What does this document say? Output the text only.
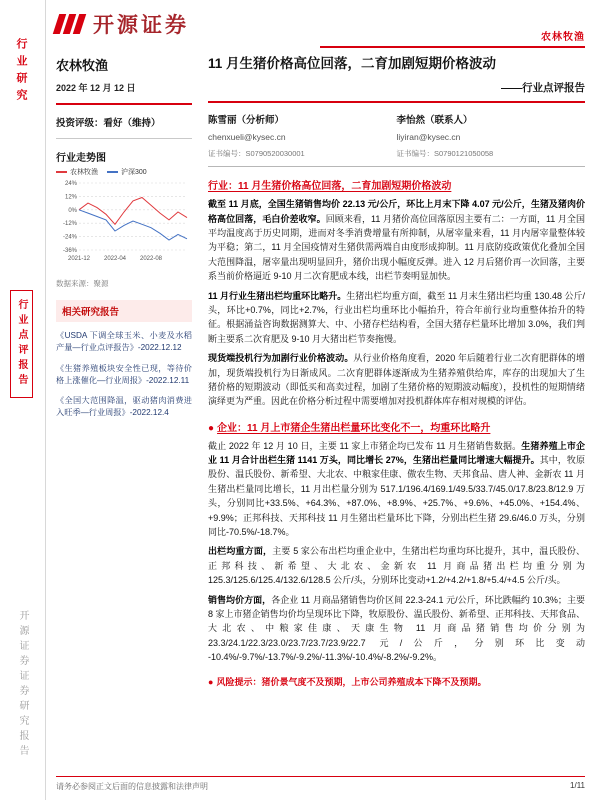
行业研究
行业点评报告
开源证券证券研究报告
开源证券
农林牧渔
农林牧渔
2022 年 12 月 12 日
投资评级：看好（维持）
行业走势图
农林牧渔	沪深300
24%
12%
0%
-12%
-24%
-36%
2021-12 2022-04 2022-08
数据来源：聚源
相关研究报告
《USDA 下调全球玉米、小麦及水稻产量—行业点评报告》-2022.12.12
《生猪养殖板块安全性已现，等待价格上涨催化—行业周报》-2022.12.11
《全国大范围降温，驱动猪肉消费进入旺季—行业周报》-2022.12.4
11 月生猪价格高位回落，二育加剧短期价格波动
——行业点评报告
陈雪丽（分析师）
chenxueli@kysec.cn
证书编号：S0790520030001
李怡然（联系人）
liyiran@kysec.cn
证书编号：S0790121050058
行业：11 月生猪价格高位回落，二育加剧短期价格波动

截至 11 月底，全国生猪销售均价 22.13 元/公斤，环比上月末下降 4.07 元/公斤，生猪及猪肉价格高位回落，毛白价差收窄。回顾来看，11 月猪价高位回落原因主要有二：一方面，11 月全国平均温度高于历史同期，进而对冬季消费增量有所抑制，从屠宰量来看，11 月内屠宰量整体较为平稳；第二，11 月全国疫情对生猪供需两端自由度形成抑制。11 月底防疫政策优化叠加全国大范围降温，屠宰量出现明显回升，猪价出现小幅度反弹。进入 12 月后猪价再一次回落，主要系当前价格逼近 9-10 月二次育肥成本线，出栏节奏明显加快。

11 月行业生猪出栏均重环比略升。生猪出栏均重方面，截至 11 月末生猪出栏均重 130.48 公斤/头，环比+0.7%，同比+2.7%，行业出栏均重环比小幅抬升，符合年前行业均重整体抬升的特征。根据涌益咨询数据测算大、中、小猪存栏结构看，全国大猪存栏量环比增加 3.0%，我们判断主要系二次育肥及 9-10 月大猪出栏节奏拖慢。

现货端投机行为加剧行业价格波动。从行业价格角度看，2020 年后随着行业二次育肥群体的增加，现货端投机行为日渐成风。二次育肥群体逐渐成为生猪养殖供给库，库存的出现加大了生猪价格的短期波动（即低买和高卖过程，加剧了生猪价格的短期波动幅度），投机性的短期情绪演绎更为严重。因此在价格分析过程中需要增加对投机群体库存相对规模的评估。

● 企业：11 月上市猪企生猪出栏量环比变化不一，均重环比略升

截止 2022 年 12 月 10 日，主要 11 家上市猪企均已发布 11 月生猪销售数据。生猪养殖上市企业 11 月合计出栏生猪 1141 万头，同比增长 27%，生猪出栏量同比增速大幅提升。其中，牧原股份、温氏股份、新希望、大北农、中粮家佳康、傲农生物、天邦食品、唐人神、金新农 11 月生猪出栏量同比增长，11 月出栏量分别为 517.1/196.4/169.1/49.5/33.7/45.0/17.8/23.8/12.9 万头，分别同比+33.5%、+64.3%、+87.0%、+8.9%、+25.7%、+9.6%、+45.0%、+154.4%、+9.9%；正邦科技、天邦科技 11 月生猪出栏量环比下降，分别出栏生猪 29.6/46.0 万头，分别同比-70.5%/-18.7%。

出栏均重方面，主要 5 家公布出栏均重企业中，生猪出栏均重均环比提升，其中，温氏股份、正邦科技、新希望、大北农、金新农 11 月商品猪出栏均重分别为 125.3/125.6/125.4/132.6/128.5 公斤/头，分别环比变动+1.2/+4.2/+1.8/+5.4/+4.5 公斤/头。

销售均价方面，各企业 11 月商品猪销售均价区间 22.3-24.1 元/公斤，环比跌幅约 10.3%；主要 8 家上市猪企销售均价均呈现环比下降，牧原股份、温氏股份、新希望、正邦科技、天邦食品、大北农、中粮家佳康、天康生物 11 月商品猪销售均价分别为 23.3/24.1/22.3/23.0/23.7/23.7/23.9/22.7 元/公斤，分别环比变动 -10.4%/-9.7%/-13.7%/-9.2%/-11.3%/-10.4%/-8.2%/-9.2%。

● 风险提示：猪价景气度不及预期，上市公司养殖成本下降不及预期。
请务必参阅正文后面的信息披露和法律声明	1/11
